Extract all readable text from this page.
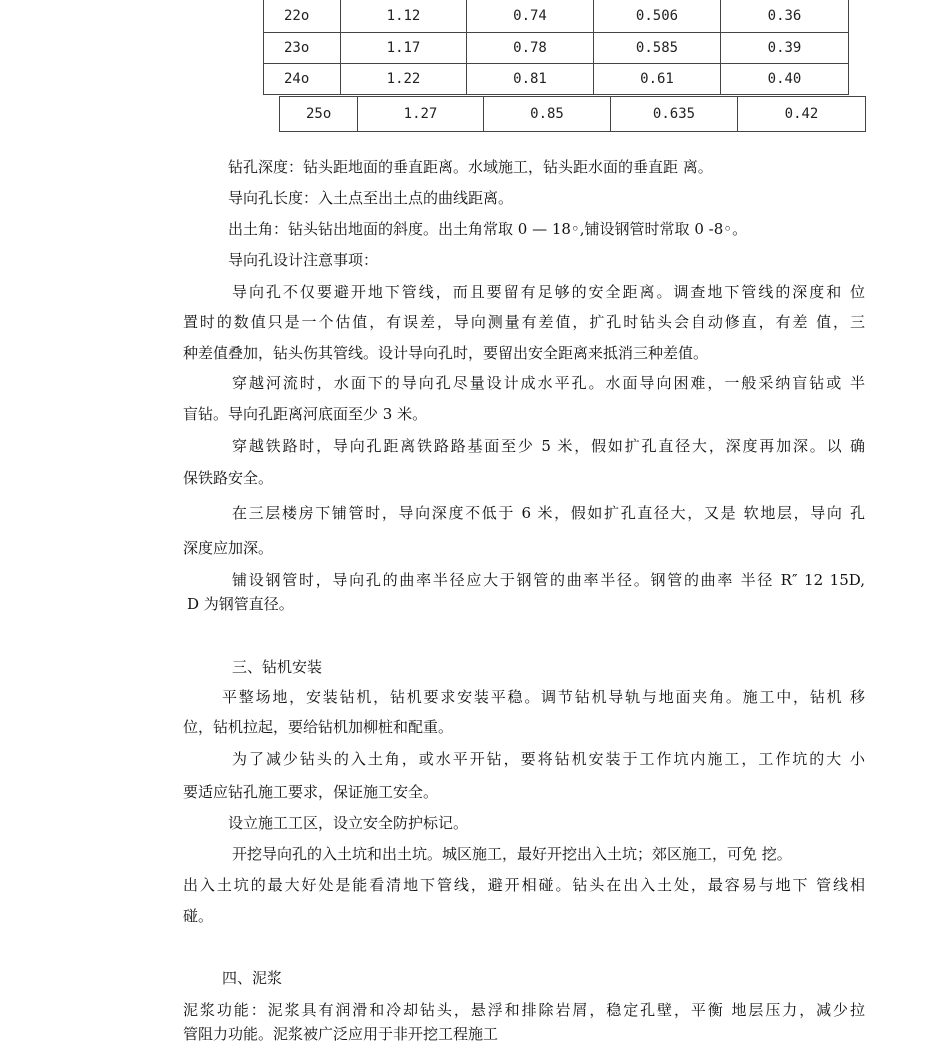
22o	1.12	0.74	0.506	0.36
23o	1.17	0.78	0.585	0.39
24o	1.22	0.81	0.61	0.40
25o	1.27	0.85	0.635	0.42
钻孔深度：钻头距地面的垂直距离。水域施工，钻头距水面的垂直距 离。
导向孔长度：入土点至出土点的曲线距离。
出土角：钻头钻出地面的斜度。出土角常取 0 — 18◦,铺设钢管时常取 0 -8◦。
导向孔设计注意事项：
导向孔不仅要避开地下管线，而且要留有足够的安全距离。调查地下管线的深度和 位
置时的数值只是一个估值，有误差，导向测量有差值，扩孔时钻头会自动修直，有差 值，三
种差值叠加，钻头伤其管线。设计导向孔时，要留出安全距离来抵消三种差值。
穿越河流时，水面下的导向孔尽量设计成水平孔。水面导向困难，一般采纳盲钻或 半
盲钻。导向孔距离河底面至少 3 米。
穿越铁路时，导向孔距离铁路路基面至少 5 米，假如扩孔直径大，深度再加深。以 确
保铁路安全。
在三层楼房下铺管时，导向深度不低于 6 米，假如扩孔直径大，又是 软地层，导向 孔
深度应加深。
铺设钢管时，导向孔的曲率半径应大于钢管的曲率半径。钢管的曲率 半径 R″ 12 15D,
D 为钢管直径。
三、钻机安装
平整场地，安装钻机，钻机要求安装平稳。调节钻机导轨与地面夹角。施工中，钻机 移
位，钻机拉起，要给钻机加柳桩和配重。
为了减少钻头的入土角，或水平开钻，要将钻机安装于工作坑内施工，工作坑的大 小
要适应钻孔施工要求，保证施工安全。
设立施工工区，设立安全防护标记。
开挖导向孔的入土坑和出土坑。城区施工，最好开挖出入土坑；郊区施工，可免 挖。
出入土坑的最大好处是能看清地下管线，避开相碰。钻头在出入土处，最容易与地下 管线相
碰。
四、泥浆
泥浆功能：泥浆具有润滑和冷却钻头，悬浮和排除岩屑，稳定孔壁，平衡 地层压力，减少拉
管阻力功能。泥浆被广泛应用于非开挖工程施工
